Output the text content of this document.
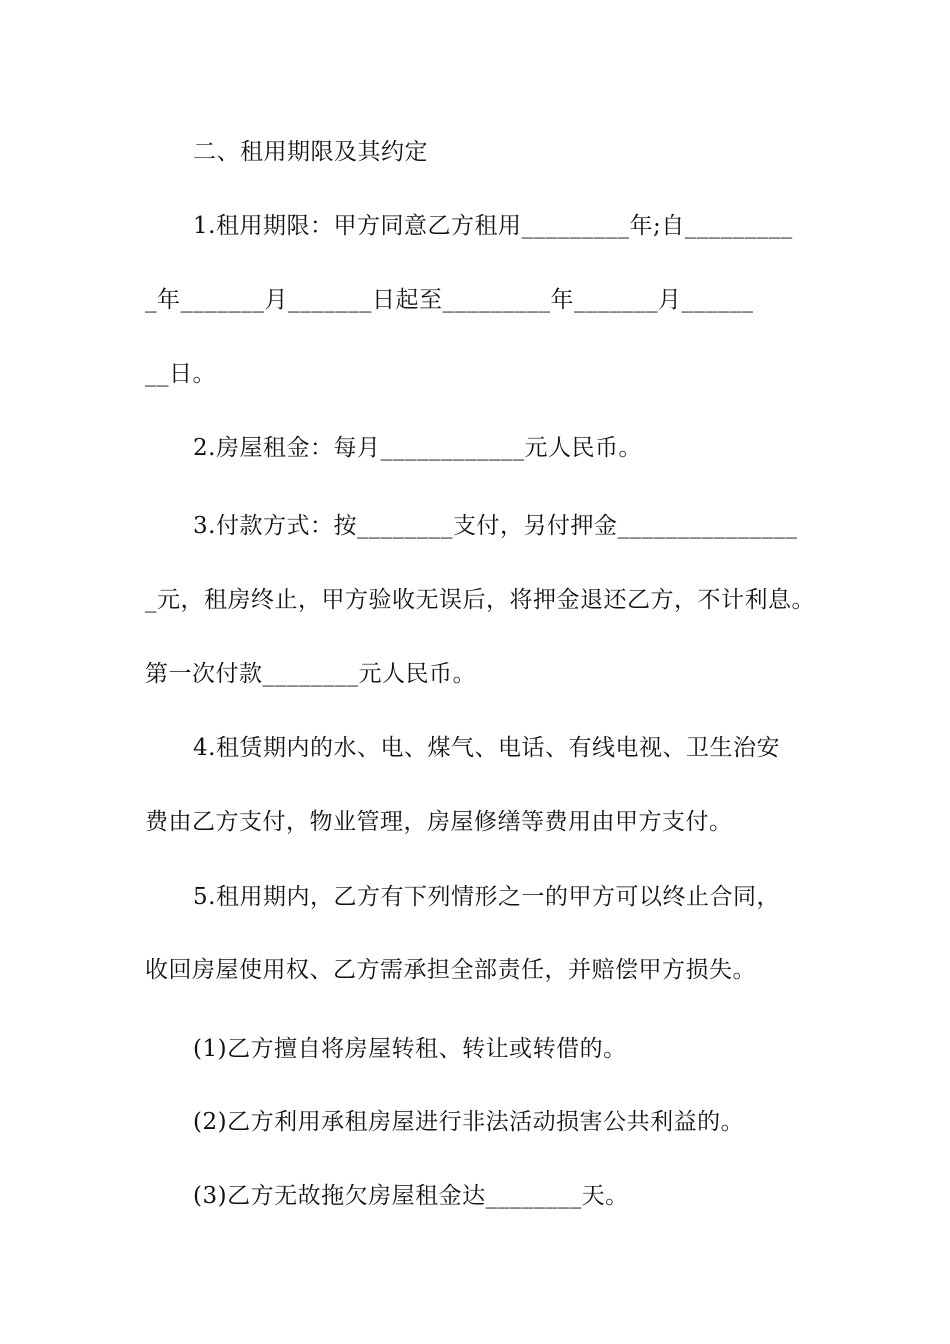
二、租用期限及其约定
1.租用期限：甲方同意乙方租用_________年;自_________
_年_______月_______日起至_________年_______月______
__日。
2.房屋租金：每月____________元人民币。
3.付款方式：按________支付，另付押金_______________
_元，租房终止，甲方验收无误后，将押金退还乙方，不计利息。
第一次付款________元人民币。
4.租赁期内的水、电、煤气、电话、有线电视、卫生治安
费由乙方支付，物业管理，房屋修缮等费用由甲方支付。
5.租用期内，乙方有下列情形之一的甲方可以终止合同，
收回房屋使用权、乙方需承担全部责任，并赔偿甲方损失。
(1)乙方擅自将房屋转租、转让或转借的。
(2)乙方利用承租房屋进行非法活动损害公共利益的。
(3)乙方无故拖欠房屋租金达________天。
